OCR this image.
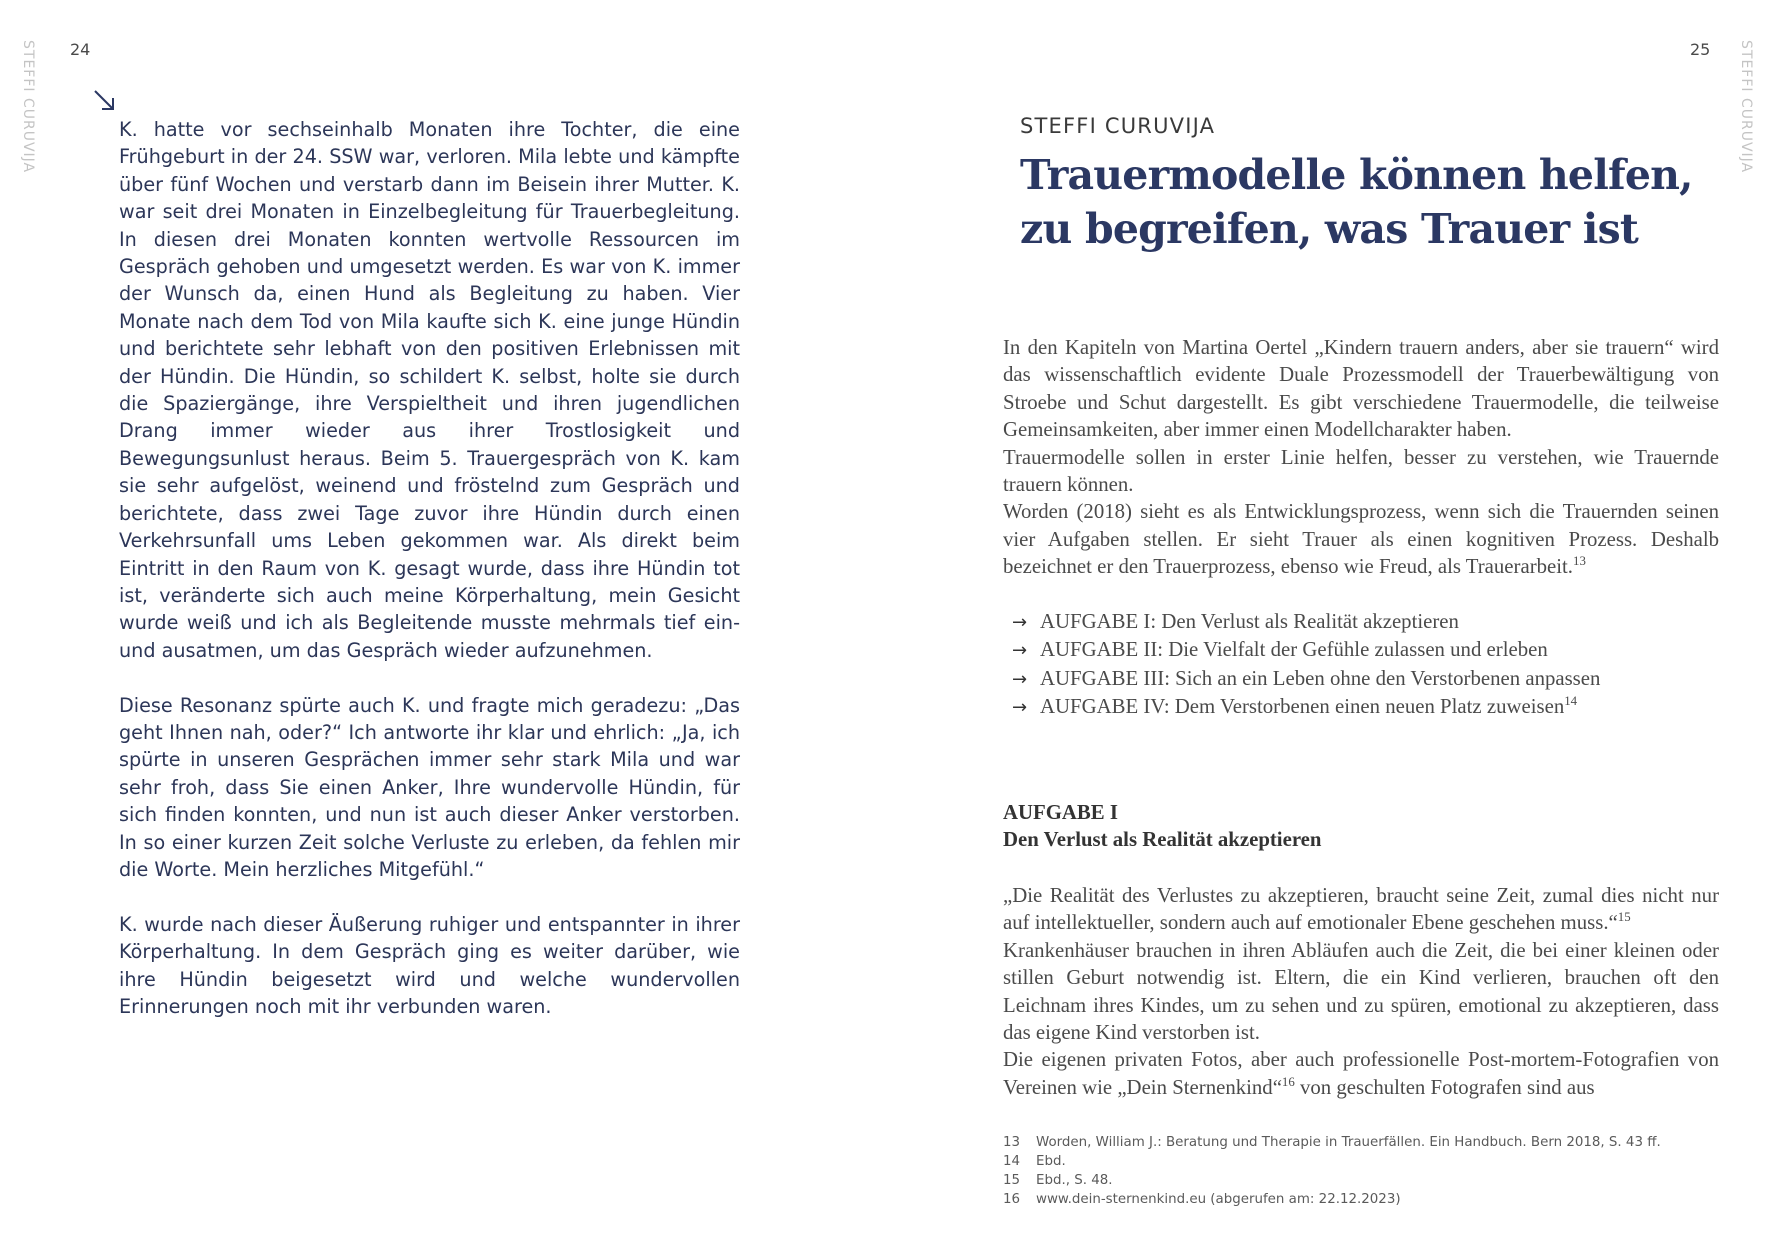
STEFFI CURUVIJA 24

K. hatte vor sechseinhalb Monaten ihre Tochter, die eine Frühgeburt in der 24. SSW war, verloren. Mila lebte und kämpfte über fünf Wochen und verstarb dann im Beisein ihrer Mutter. K. war seit drei Monaten in Einzelbegleitung für Trauerbegleitung. In diesen drei Monaten konnten wertvolle Ressourcen im Gespräch gehoben und umgesetzt werden. Es war von K. immer der Wunsch da, einen Hund als Begleitung zu haben. Vier Monate nach dem Tod von Mila kaufte sich K. eine junge Hündin und berichtete sehr lebhaft von den positiven Erlebnissen mit der Hündin. Die Hündin, so schildert K. selbst, holte sie durch die Spaziergänge, ihre Verspieltheit und ihren jugendlichen Drang immer wieder aus ihrer Trostlosigkeit und Bewegungsunlust heraus. Beim 5. Trauergespräch von K. kam sie sehr aufgelöst, weinend und fröstelnd zum Gespräch und berichtete, dass zwei Tage zuvor ihre Hündin durch einen Verkehrsunfall ums Leben gekommen war. Als direkt beim Eintritt in den Raum von K. gesagt wurde, dass ihre Hündin tot ist, veränderte sich auch meine Körperhaltung, mein Gesicht wurde weiß und ich als Begleitende musste mehrmals tief ein- und ausatmen, um das Gespräch wieder aufzunehmen.

Diese Resonanz spürte auch K. und fragte mich geradezu: „Das geht Ihnen nah, oder?“ Ich antworte ihr klar und ehrlich: „Ja, ich spürte in unseren Gesprächen immer sehr stark Mila und war sehr froh, dass Sie einen Anker, Ihre wundervolle Hündin, für sich finden konnten, und nun ist auch dieser Anker verstorben. In so einer kurzen Zeit solche Verluste zu erleben, da fehlen mir die Worte. Mein herzliches Mitgefühl.“

K. wurde nach dieser Äußerung ruhiger und entspannter in ihrer Körperhaltung. In dem Gespräch ging es weiter darüber, wie ihre Hündin beigesetzt wird und welche wundervollen Erinnerungen noch mit ihr verbunden waren.

STEFFI CURUVIJA
25
STEFFI CURUVIJA
Trauermodelle können helfen,
zu begreifen, was Trauer ist

In den Kapiteln von Martina Oertel „Kindern trauern anders, aber sie trauern“ wird das wissenschaftlich evidente Duale Prozessmodell der Trauerbewältigung von Stroebe und Schut dargestellt. Es gibt verschiedene Trauermodelle, die teilweise Gemeinsamkeiten, aber immer einen Modellcharakter haben.

Trauermodelle sollen in erster Linie helfen, besser zu verstehen, wie Trauernde trauern können.

Worden (2018) sieht es als Entwicklungsprozess, wenn sich die Trauernden seinen vier Aufgaben stellen. Er sieht Trauer als einen kognitiven Prozess. Deshalb bezeichnet er den Trauerprozess, ebenso wie Freud, als Trauerarbeit.$^{13}$

→ AUFGABE I: Den Verlust als Realität akzeptieren
→ AUFGABE II: Die Vielfalt der Gefühle zulassen und erleben
→ AUFGABE III: Sich an ein Leben ohne den Verstorbenen anpassen
→ AUFGABE IV: Dem Verstorbenen einen neuen Platz zuweisen$^{14}$
AUFGABE I
Den Verlust als Realität akzeptieren

„Die Realität des Verlustes zu akzeptieren, braucht seine Zeit, zumal dies nicht nur auf intellektueller, sondern auch auf emotionaler Ebene geschehen muss.“$^{15}$

Krankenhäuser brauchen in ihren Abläufen auch die Zeit, die bei einer kleinen oder stillen Geburt notwendig ist. Eltern, die ein Kind verlieren, brauchen oft den Leichnam ihres Kindes, um zu sehen und zu spüren, emotional zu akzeptieren, dass das eigene Kind verstorben ist.

Die eigenen privaten Fotos, aber auch professionelle Post-mortem-Fotografien von Vereinen wie „Dein Sternenkind“$^{16}$ von geschulten Fotografen sind aus

13	Worden, William J.: Beratung und Therapie in Trauerfällen. Ein Handbuch. Bern 2018, S. 43 ff.
14	Ebd.
15	Ebd., S. 48.
16	www.dein-sternenkind.eu (abgerufen am: 22.12.2023)
